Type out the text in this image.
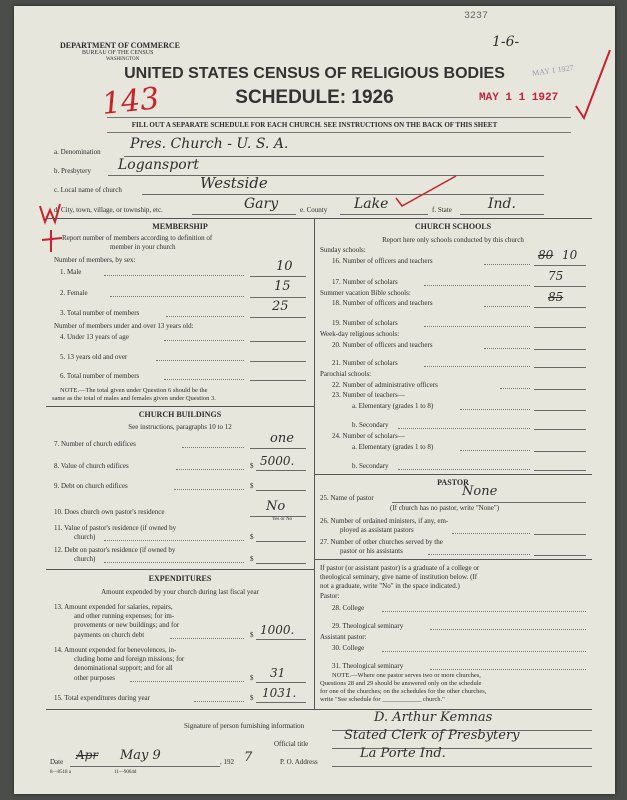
DEPARTMENT OF COMMERCE
BUREAU OF THE CENSUS
WASHINGTON
UNITED STATES CENSUS OF RELIGIOUS BODIES
SCHEDULE: 1926
FILL OUT A SEPARATE SCHEDULE FOR EACH CHURCH. SEE INSTRUCTIONS ON THE BACK OF THIS SHEET
3237
1-6-
MAY 1 1 1927
MAY 1 1927
143
a. Denomination Pres. Church - U. S. A.
b. Presbytery Logansport
c. Local name of church	Westside
d. City, town, village, or township, etc.	Gary	e. County Lake	f. State	Ind.
MEMBERSHIP
Report number of members according to definition of
member in your church
Number of members, by sex:
1. Male	10
2. Female	15
3. Total number of members	25
Number of members under and over 13 years old:
4. Under 13 years of age
5. 13 years old and over
6. Total number of members
NOTE.—The total given under Question 6 should be the
same as the total of males and females given under Question 3.
CHURCH BUILDINGS
See instructions, paragraphs 10 to 12
7. Number of church edifices	one
8. Value of church edifices	$ 5000.
9. Debt on church edifices	$
10. Does church own pastor's residence	No
Yes or No
11. Value of pastor's residence (if owned by
church)	$
12. Debt on pastor's residence (if owned by
church)	$
EXPENDITURES
Amount expended by your church during last fiscal year
13. Amount expended for salaries, repairs,
and other running expenses; for im-
provements or new buildings; and for
payments on church debt	$ 1000.
14. Amount expended for benevolences, in-
cluding home and foreign missions; for
denominational support; and for all
other purposes	$ 31
15. Total expenditures during year	$ 1031.
CHURCH SCHOOLS
Report here only schools conducted by this church
Sunday schools:
16. Number of officers and teachers	80 10
17. Number of scholars	75
Summer vacation Bible schools:
18. Number of officers and teachers	85
19. Number of scholars
Week-day religious schools:
20. Number of officers and teachers
21. Number of scholars
Parochial schools:
22. Number of administrative officers
23. Number of teachers—
a. Elementary (grades 1 to 8)
b. Secondary
24. Number of scholars—
a. Elementary (grades 1 to 8)
b. Secondary
PASTOR
25. Name of pastor	None
(If church has no pastor, write "None")
26. Number of ordained ministers, if any, em-
ployed as assistant pastors
27. Number of other churches served by the
pastor or his assistants
If pastor (or assistant pastor) is a graduate of a college or
theological seminary, give name of institution below. (If
not a graduate, write "No" in the space indicated.)
Pastor:
28. College
29. Theological seminary
Assistant pastor:
30. College
31. Theological seminary
NOTE.—Where one pastor serves two or more churches,
Questions 28 and 29 should be answered only on the schedule
for one of the churches; on the schedules for the other churches,
write "See schedule for ____________ church."
Signature of person furnishing information
D. Arthur Kemnas
Official title
Stated Clerk of Presbytery
Date Apr May 9	, 192 7
8—8518 a	11—9064d
P. O. Address
La Porte Ind.
